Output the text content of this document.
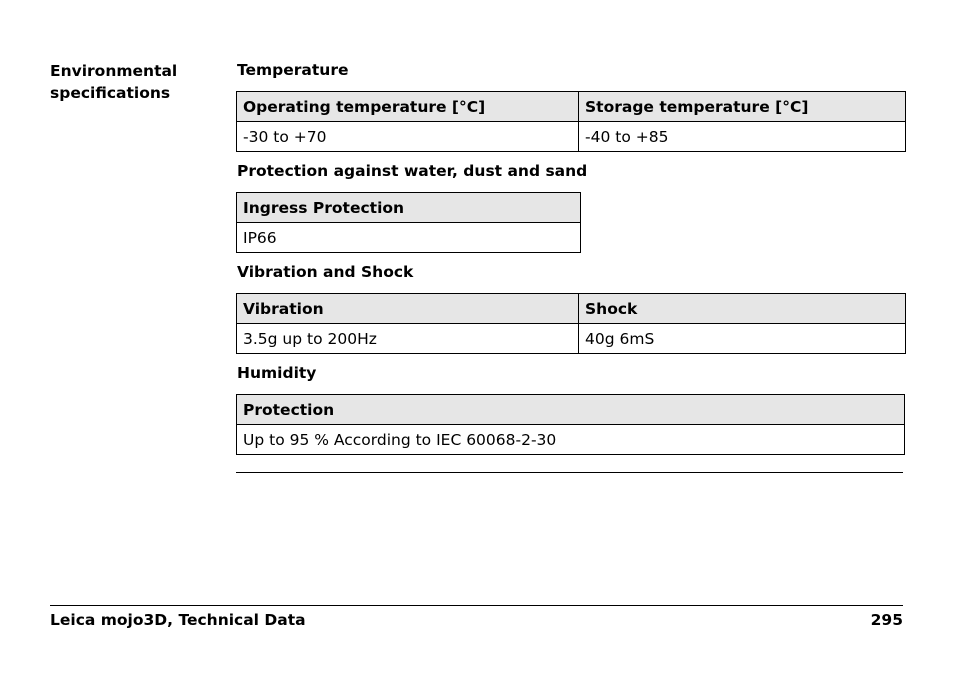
Environmental specifications
Temperature
Operating temperature [°C]	Storage temperature [°C]
-30 to +70	-40 to +85
Protection against water, dust and sand
Ingress Protection
IP66
Vibration and Shock
Vibration	Shock
3.5g up to 200Hz	40g 6mS
Humidity
Protection
Up to 95 % According to IEC 60068-2-30
Leica mojo3D, Technical Data	295
